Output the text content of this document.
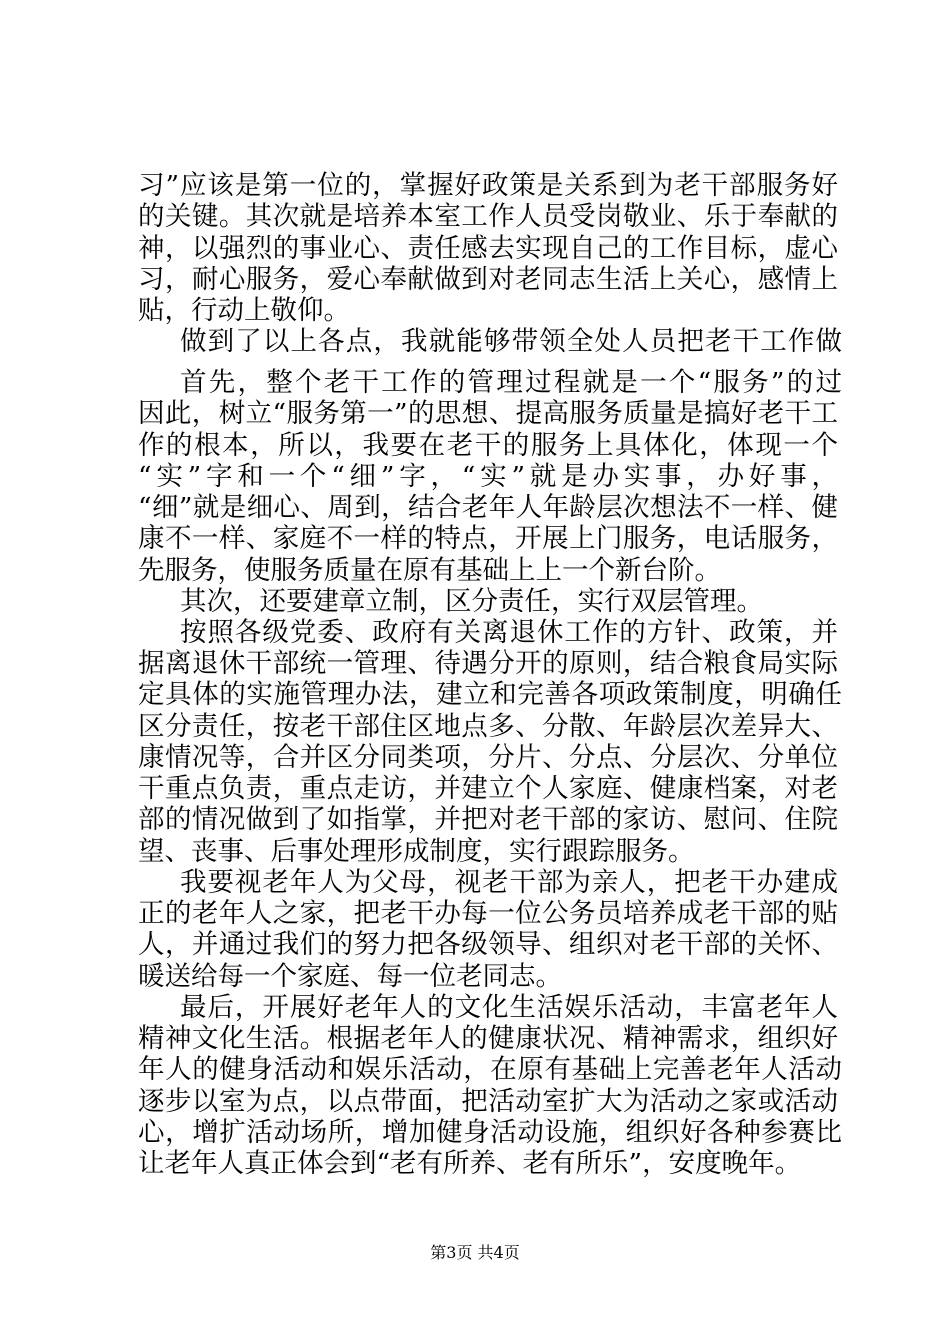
习”应该是第一位的，掌握好政策是关系到为老干部服务好
的关键。其次就是培养本室工作人员受岗敬业、乐于奉献的
神，以强烈的事业心、责任感去实现自己的工作目标，虚心
习，耐心服务，爱心奉献做到对老同志生活上关心，感情上
贴，行动上敬仰。
做到了以上各点，我就能够带领全处人员把老干工作做
首先，整个老干工作的管理过程就是一个“服务”的过
因此，树立“服务第一”的思想、提高服务质量是搞好老干工
作的根本，所以，我要在老干的服务上具体化，体现一个
“实”字和一个“细”字，“实”就是办实事，办好事，
“细”就是细心、周到，结合老年人年龄层次想法不一样、健
康不一样、家庭不一样的特点，开展上门服务，电话服务，
先服务，使服务质量在原有基础上上一个新台阶。
其次，还要建章立制，区分责任，实行双层管理。
按照各级党委、政府有关离退休工作的方针、政策，并
据离退休干部统一管理、待遇分开的原则，结合粮食局实际
定具体的实施管理办法，建立和完善各项政策制度，明确任
区分责任，按老干部住区地点多、分散、年龄层次差异大、
康情况等，合并区分同类项，分片、分点、分层次、分单位
干重点负责，重点走访，并建立个人家庭、健康档案，对老
部的情况做到了如指掌，并把对老干部的家访、慰问、住院
望、丧事、后事处理形成制度，实行跟踪服务。
我要视老年人为父母，视老干部为亲人，把老干办建成
正的老年人之家，把老干办每一位公务员培养成老干部的贴
人，并通过我们的努力把各级领导、组织对老干部的关怀、
暖送给每一个家庭、每一位老同志。
最后，开展好老年人的文化生活娱乐活动，丰富老年人
精神文化生活。根据老年人的健康状况、精神需求，组织好
年人的健身活动和娱乐活动，在原有基础上完善老年人活动
逐步以室为点，以点带面，把活动室扩大为活动之家或活动
心，增扩活动场所，增加健身活动设施，组织好各种参赛比
让老年人真正体会到“老有所养、老有所乐”，安度晚年。
第3页 共4页
